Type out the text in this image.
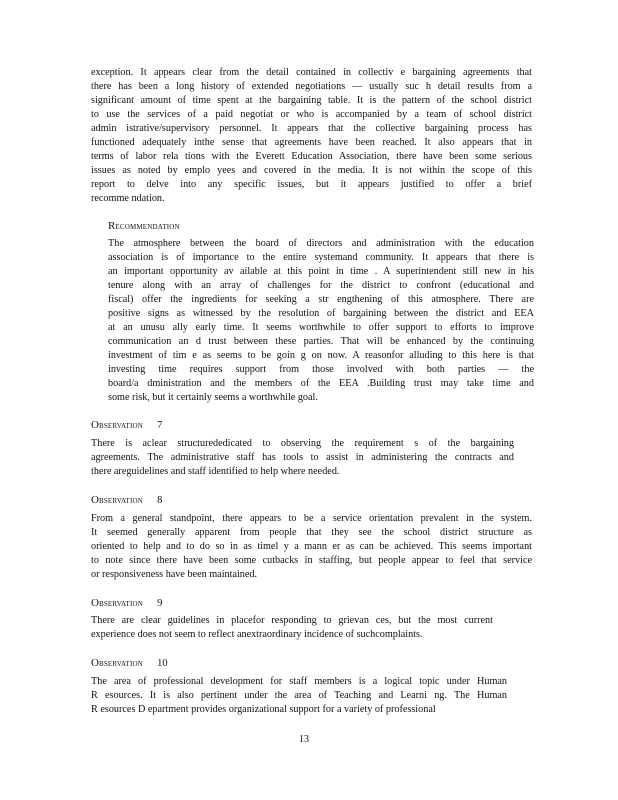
exception. It appears clear from the detail contained in collectiv e bargaining agreements that
there has been a long history of extended negotiations — usually suc h detail results from a
significant amount of time spent at the bargaining table. It is the pattern of the school district
to use the services of a paid negotiat or who is accompanied by a team of school district
admin istrative/supervisory personnel. It appears that the collective bargaining process has
functioned adequately inthe sense that agreements have been reached. It also appears that in
terms of labor rela tions with the Everett Education Association, there have been some serious
issues as noted by emplo yees and covered in the media. It is not within the scope of this
report to delve into any specific issues, but it appears justified to offer a brief
recomme ndation.
RECOMMENDATION
The atmosphere between the board of directors and administration with the education
association is of importance to the entire systemand community. It appears that there is
an important opportunity av ailable at this point in time . A superintendent still new in his
tenure along with an array of challenges for the district to confront (educational and
fiscal) offer the ingredients for seeking a str engthening of this atmosphere. There are
positive signs as witnessed by the resolution of bargaining between the district and EEA
at an unusu ally early time. It seems worthwhile to offer support to efforts to improve
communication an d trust between these parties. That will be enhanced by the continuing
investment of tim e as seems to be goin g on now. A reasonfor alluding to this here is that
investing time requires support from those involved with both parties — the
board/a dministration and the members of the EEA .Building trust may take time and
some risk, but it certainly seems a worthwhile goal.
OBSERVATION 7
There is aclear structurededicated to observing the requirement s of the bargaining
agreements. The administrative staff has tools to assist in administering the contracts and
there areguidelines and staff identified to help where needed.
OBSERVATION 8
From a general standpoint, there appears to be a service orientation prevalent in the system.
It seemed generally apparent from people that they see the school district structure as
oriented to help and to do so in as timel y a mann er as can be achieved. This seems important
to note since there have been some cutbacks in staffing, but people appear to feel that service
or responsiveness have been maintained.
OBSERVATION 9
There are clear guidelines in placefor responding to grievan ces, but the most current
experience does not seem to reflect anextraordinary incidence of suchcomplaints.
OBSERVATION 10
The area of professional development for staff members is a logical topic under Human
R esources. It is also pertinent under the area of Teaching and Learni ng. The Human
R esources D epartment provides organizational support for a variety of professional
13
